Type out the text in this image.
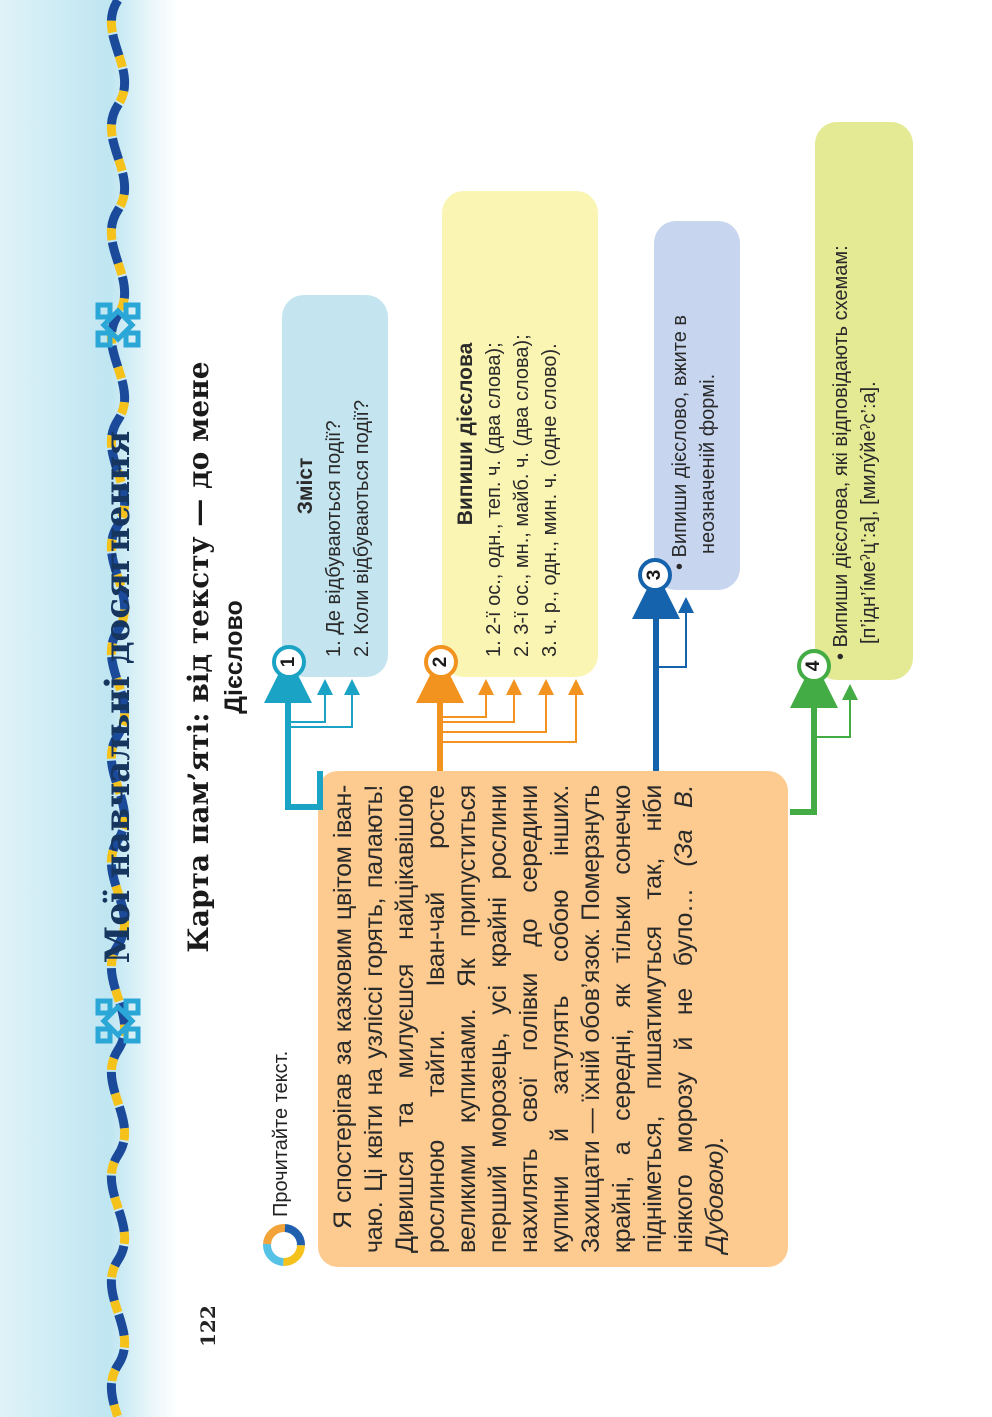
Мої навчальні досягнення
122
Карта пам’яті: від тексту — до мене Дієслово
Прочитайте текст. Я спостерігав за казковим цвітом іван-чаю. Ці квіти на узліссі горять, палають! Дивишся та милуєшся найцікавішою рослиною тайги. Іван-чай росте великими купинами. Як припуститься перший морозець, усі крайні рослини нахилять свої голівки до середини купини й затулять собою інших. Захищати — їхній обов’язок. Померзнуть крайні, а середні, як тільки сонечко підніметься, пишатимуться так, ніби ніякого морозу й не було… (За В. Дубовою).

Зміст 1. Де відбуваються події? 2. Коли відбуваються події?

1

Випиши дієслова 1. 2-ї ос., одн., теп. ч. (два слова); 2. 3-ї ос., мн., майб. ч. (два слова); 3. ч. р., одн., мин. ч. (одне слово).

2

• Випиши дієслово, вжите в неозначеній формі.

3	• Випиши дієслова, які відповідають схемам: [п’ідн’íмеˀц’:а], [милýйеˀс’:а].

4
